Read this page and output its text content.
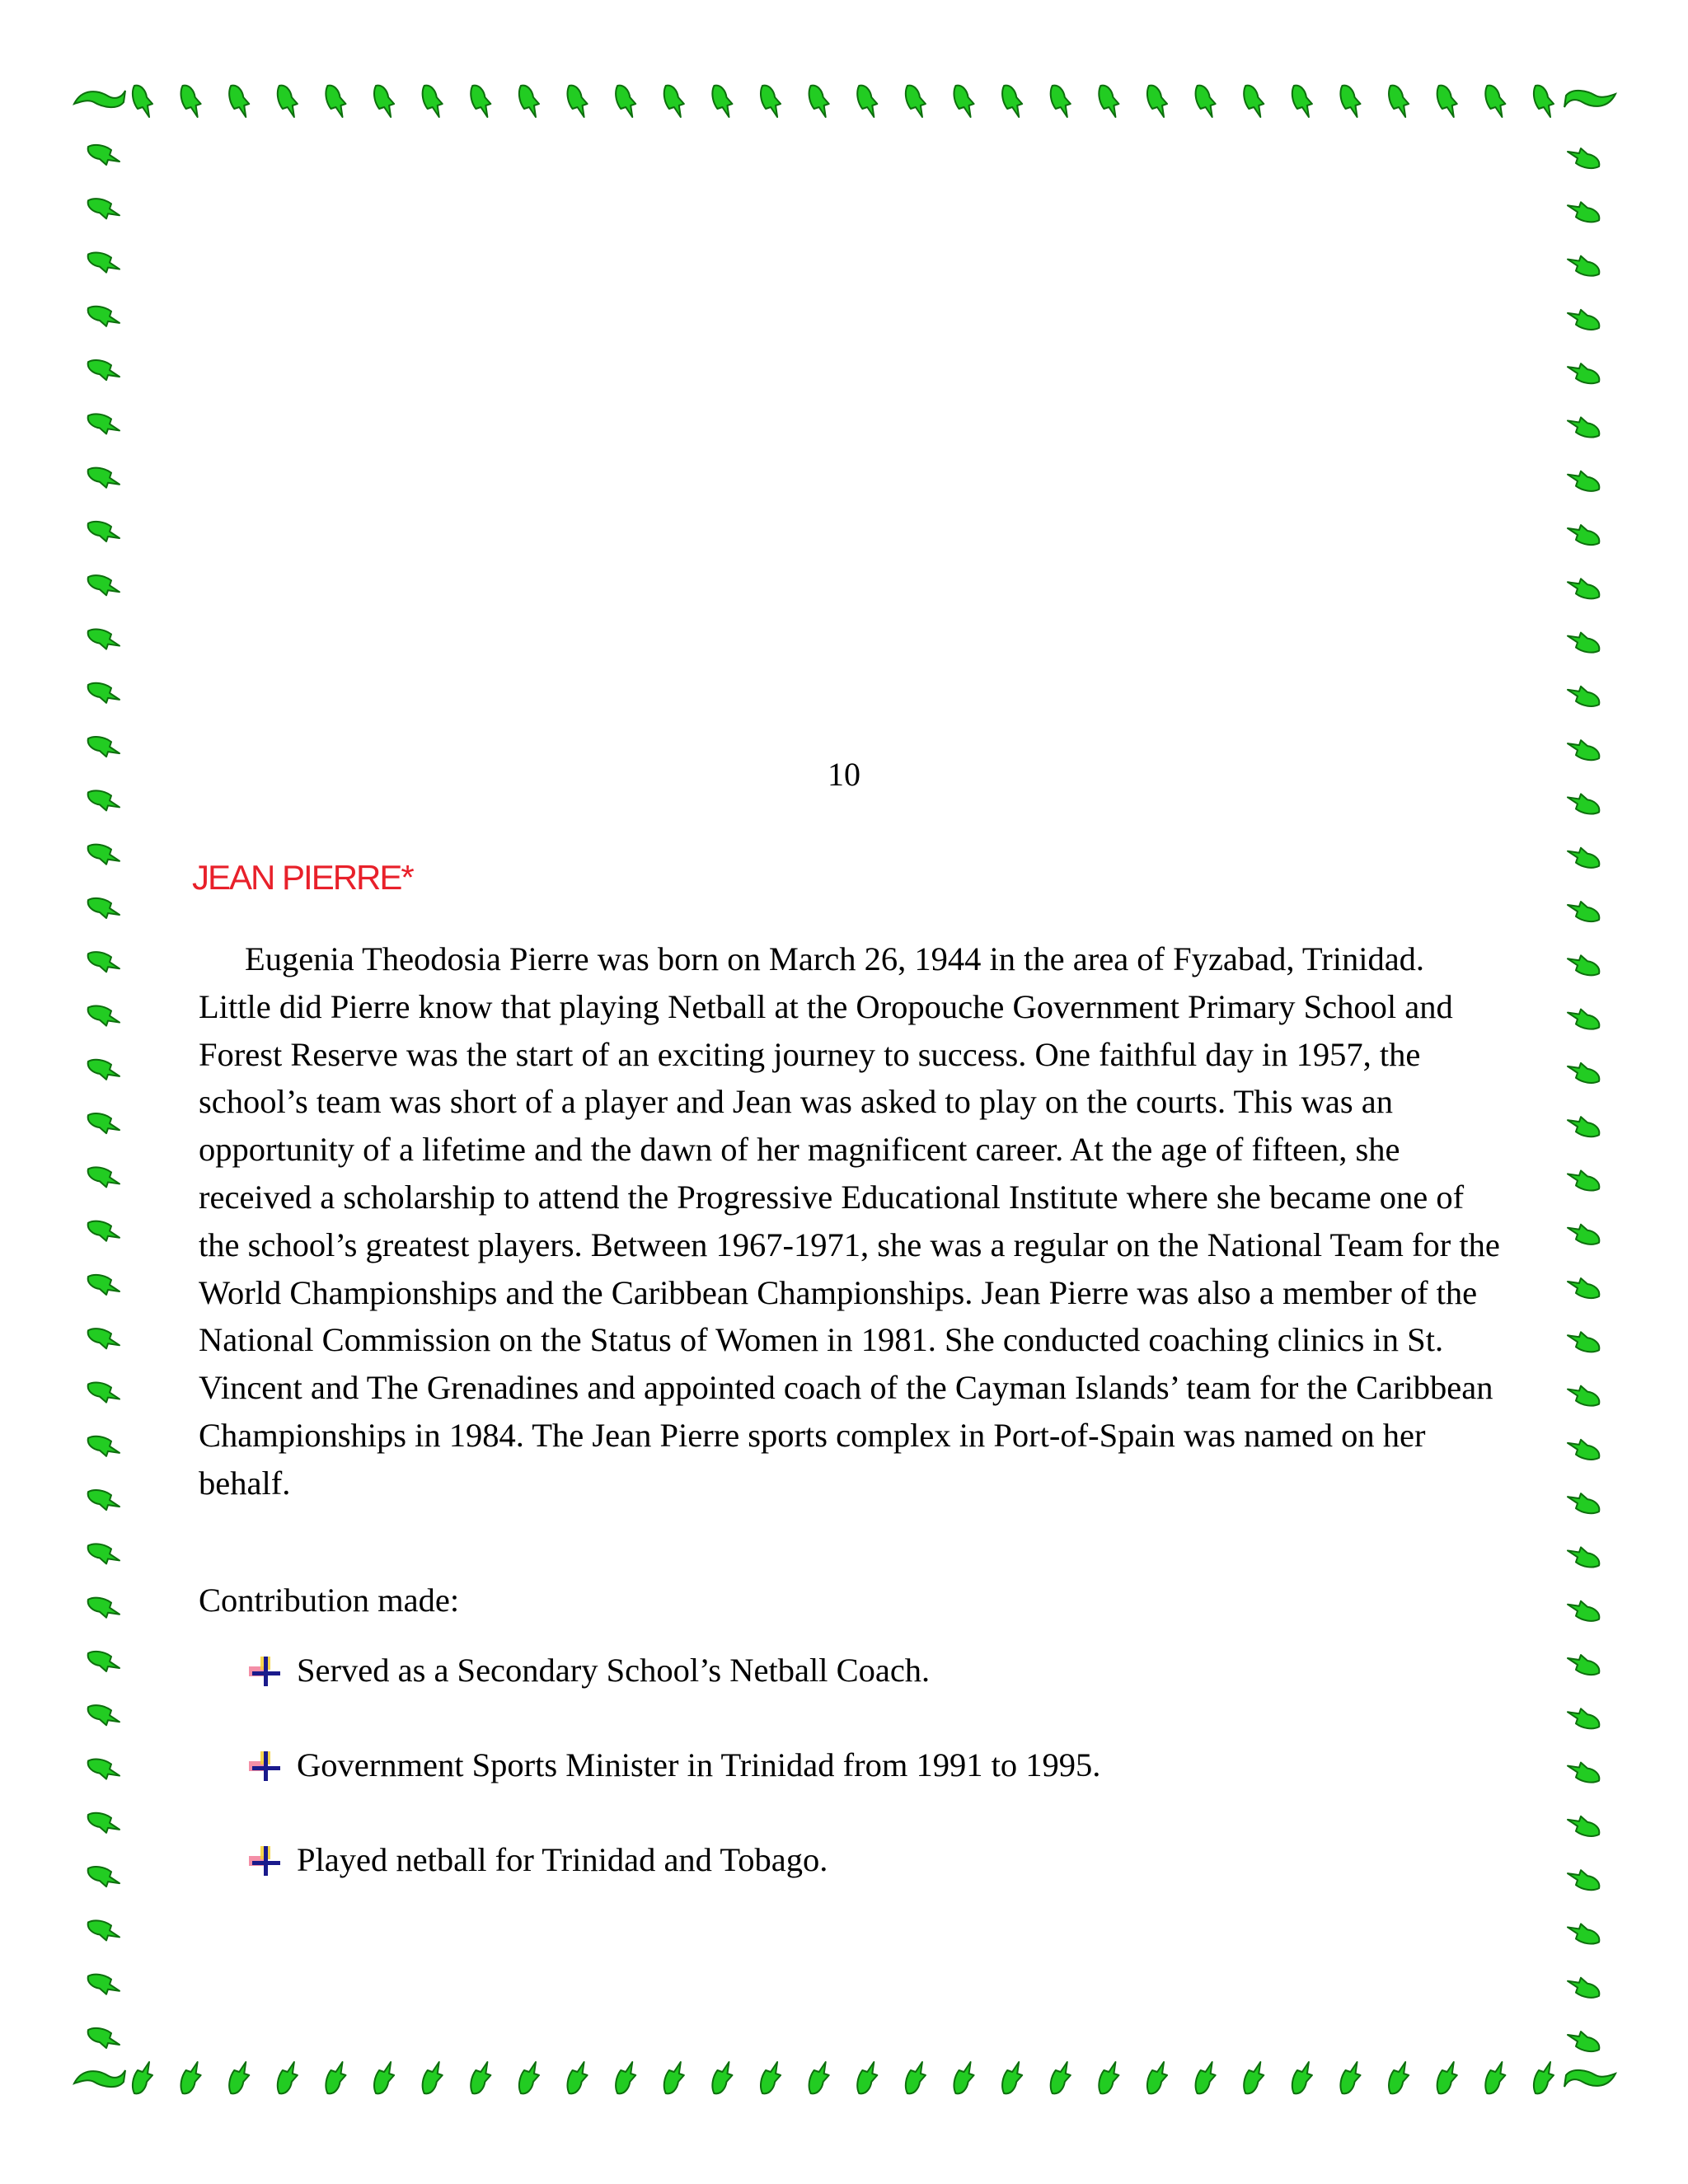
10
JEAN PIERRE*

Eugenia Theodosia Pierre was born on March 26, 1944 in the area of Fyzabad, Trinidad. Little did Pierre know that playing Netball at the Oropouche Government Primary School and Forest Reserve was the start of an exciting journey to success. One faithful day in 1957, the school’s team was short of a player and Jean was asked to play on the courts. This was an opportunity of a lifetime and the dawn of her magnificent career. At the age of fifteen, she received a scholarship to attend the Progressive Educational Institute where she became one of the school’s greatest players. Between 1967-1971, she was a regular on the National Team for the World Championships and the Caribbean Championships. Jean Pierre was also a member of the National Commission on the Status of Women in 1981. She conducted coaching clinics in St. Vincent and The Grenadines and appointed coach of the Cayman Islands’ team for the Caribbean Championships in 1984. The Jean Pierre sports complex in Port-of-Spain was named on her behalf.

Contribution made:
Served as a Secondary School’s Netball Coach.
Government Sports Minister in Trinidad from 1991 to 1995.
Played netball for Trinidad and Tobago.
